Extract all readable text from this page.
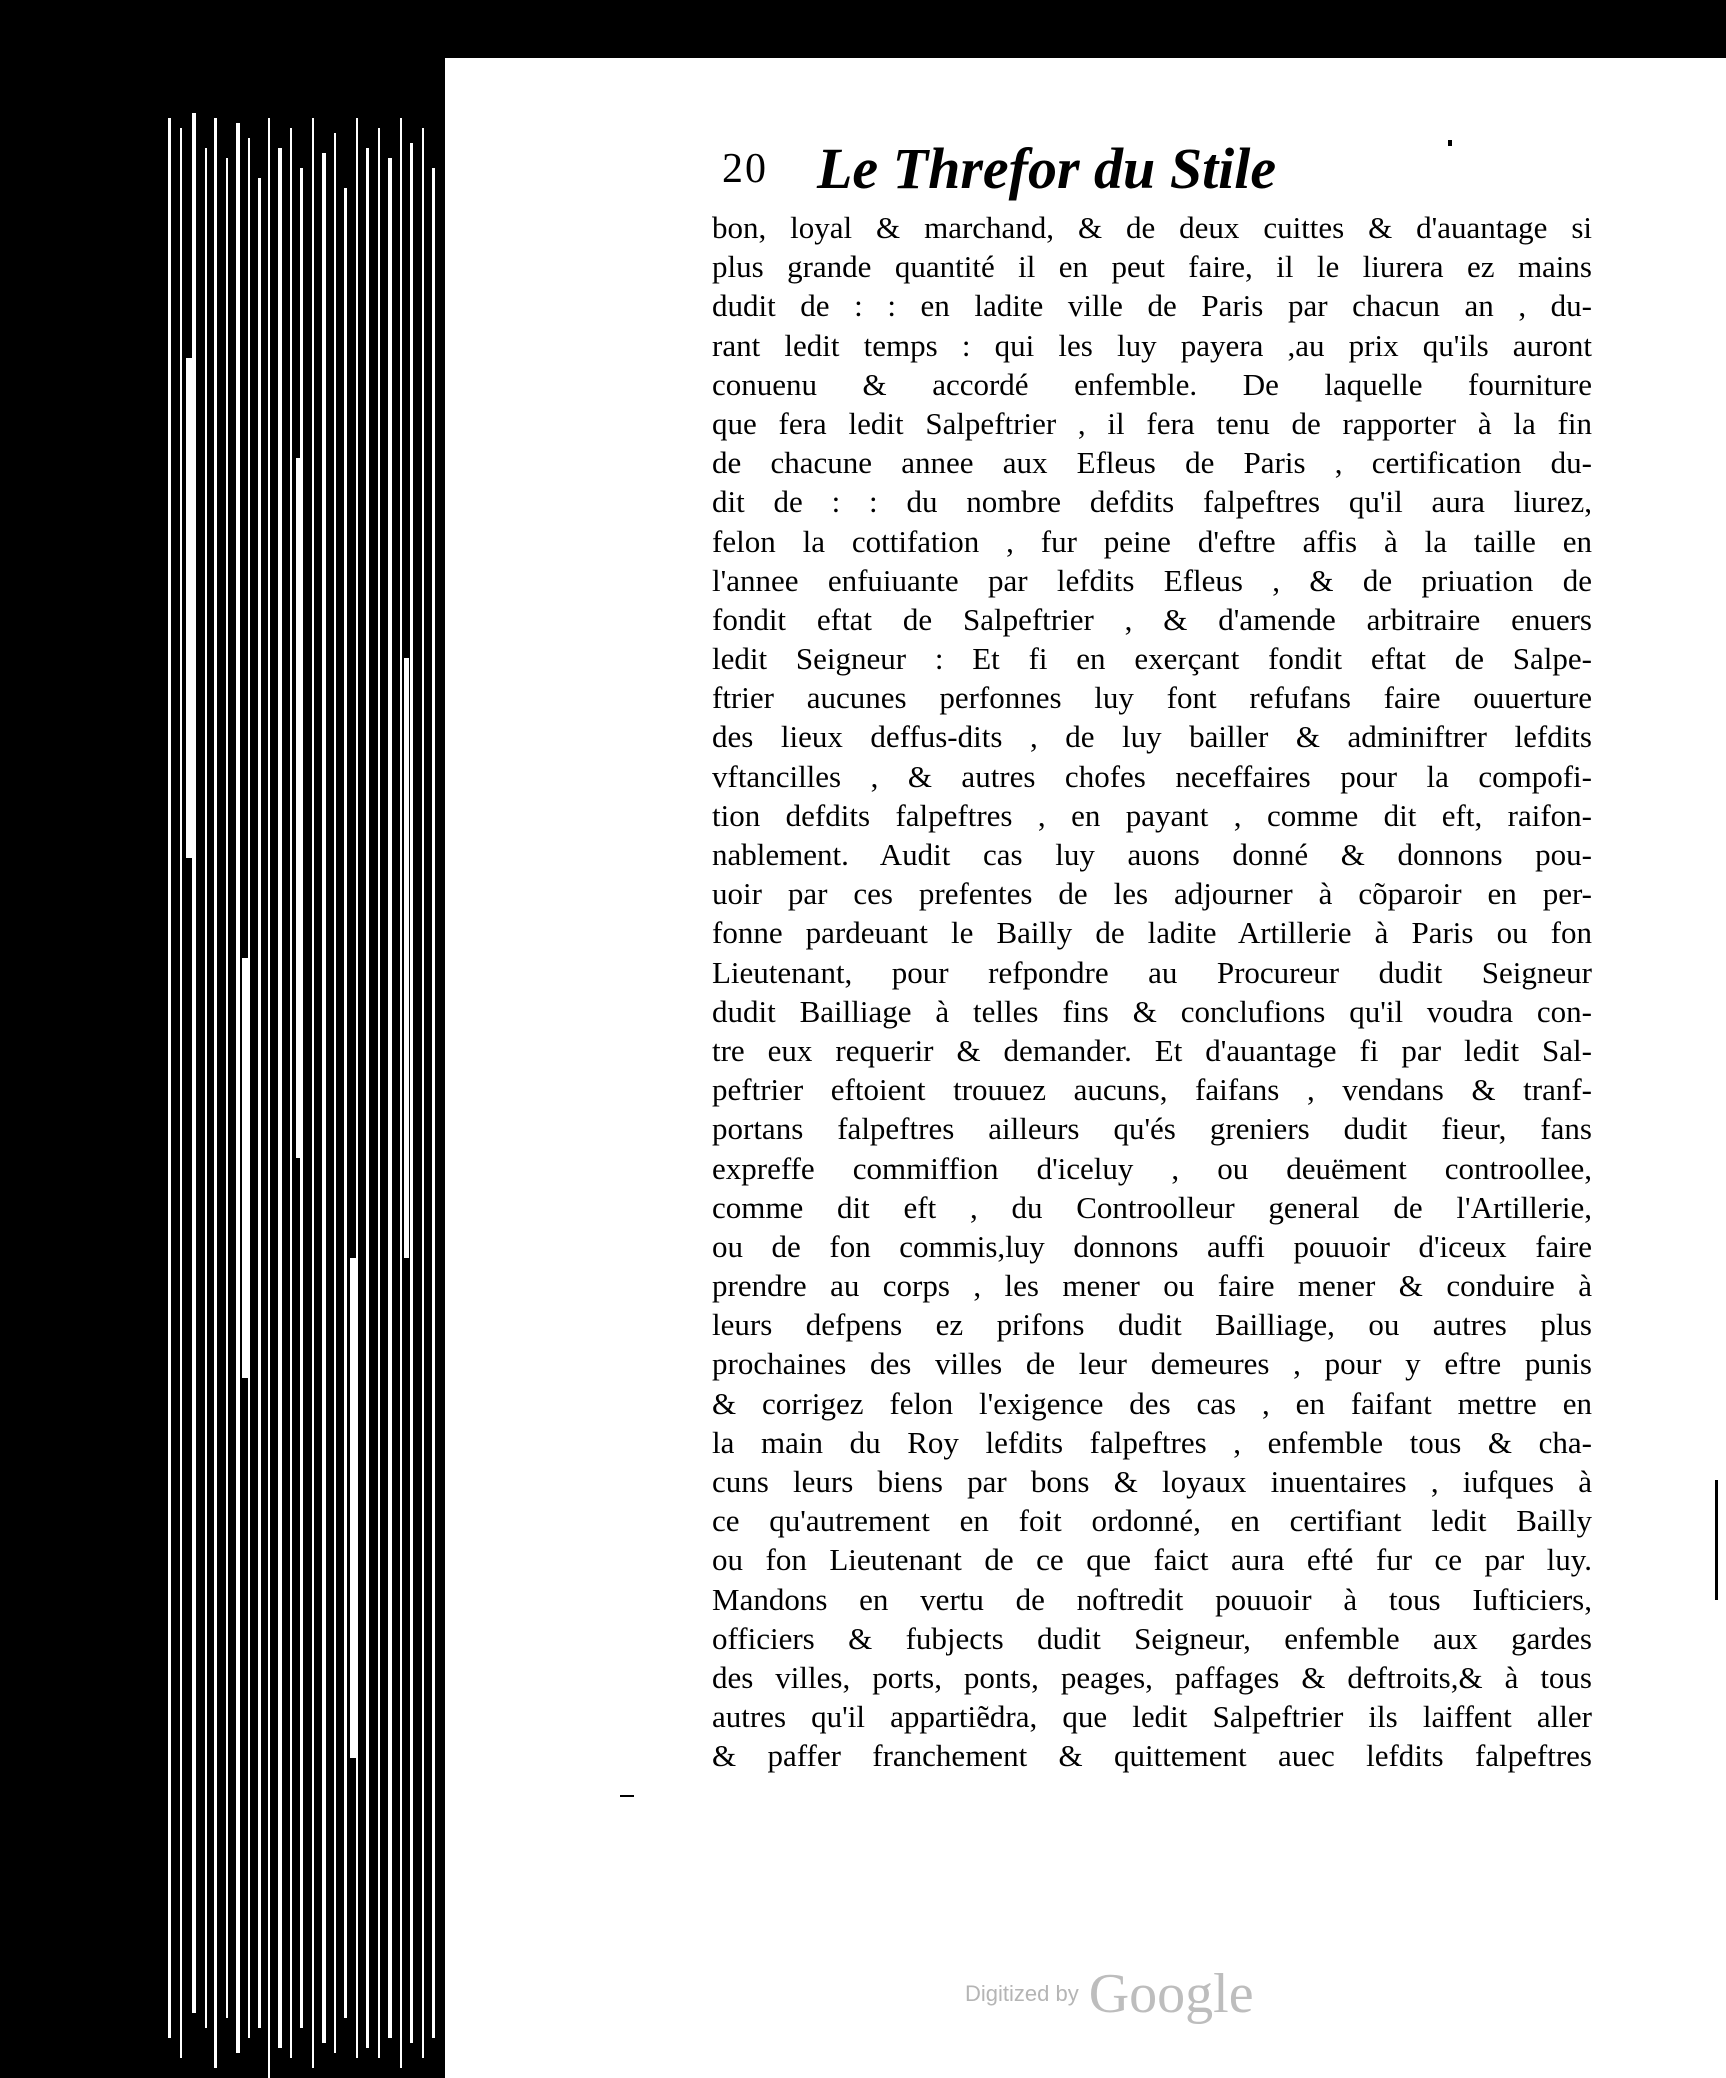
20 Le Threfor du Stile
bon, loyal & marchand, & de deux cuittes & d'auantage si
plus grande quantité il en peut faire, il le liurera ez mains
dudit de : : en ladite ville de Paris par chacun an , du-
rant ledit temps : qui les luy payera ,au prix qu'ils auront
conuenu & accordé enfemble. De laquelle fourniture
que fera ledit Salpeftrier , il fera tenu de rapporter à la fin
de chacune annee aux Efleus de Paris , certification du-
dit de : : du nombre defdits falpeftres qu'il aura liurez,
felon la cottifation , fur peine d'eftre affis à la taille en
l'annee enfuiuante par lefdits Efleus , & de priuation de
fondit eftat de Salpeftrier , & d'amende arbitraire enuers
ledit Seigneur : Et fi en exerçant fondit eftat de Salpe-
ftrier aucunes perfonnes luy font refufans faire ouuerture
des lieux deffus-dits , de luy bailler & adminiftrer lefdits
vftancilles , & autres chofes neceffaires pour la compofi-
tion defdits falpeftres , en payant , comme dit eft, raifon-
nablement. Audit cas luy auons donné & donnons pou-
uoir par ces prefentes de les adjourner à cõparoir en per-
fonne pardeuant le Bailly de ladite Artillerie à Paris ou fon
Lieutenant, pour refpondre au Procureur dudit Seigneur
dudit Bailliage à telles fins & conclufions qu'il voudra con-
tre eux requerir & demander. Et d'auantage fi par ledit Sal-
peftrier eftoient trouuez aucuns, faifans , vendans & tranf-
portans falpeftres ailleurs qu'és greniers dudit fieur, fans
expreffe commiffion d'iceluy , ou deuëment controollee,
comme dit eft , du Controolleur general de l'Artillerie,
ou de fon commis,luy donnons auffi pouuoir d'iceux faire
prendre au corps , les mener ou faire mener & conduire à
leurs defpens ez prifons dudit Bailliage, ou autres plus
prochaines des villes de leur demeures , pour y eftre punis
& corrigez felon l'exigence des cas , en faifant mettre en
la main du Roy lefdits falpeftres , enfemble tous & cha-
cuns leurs biens par bons & loyaux inuentaires , iufques à
ce qu'autrement en foit ordonné, en certifiant ledit Bailly
ou fon Lieutenant de ce que faict aura efté fur ce par luy.
Mandons en vertu de noftredit pouuoir à tous Iufticiers,
officiers & fubjects dudit Seigneur, enfemble aux gardes
des villes, ports, ponts, peages, paffages & deftroits,& à tous
autres qu'il appartiẽdra, que ledit Salpeftrier ils laiffent aller
& paffer franchement & quittement auec lefdits falpeftres
Digitized by Google
